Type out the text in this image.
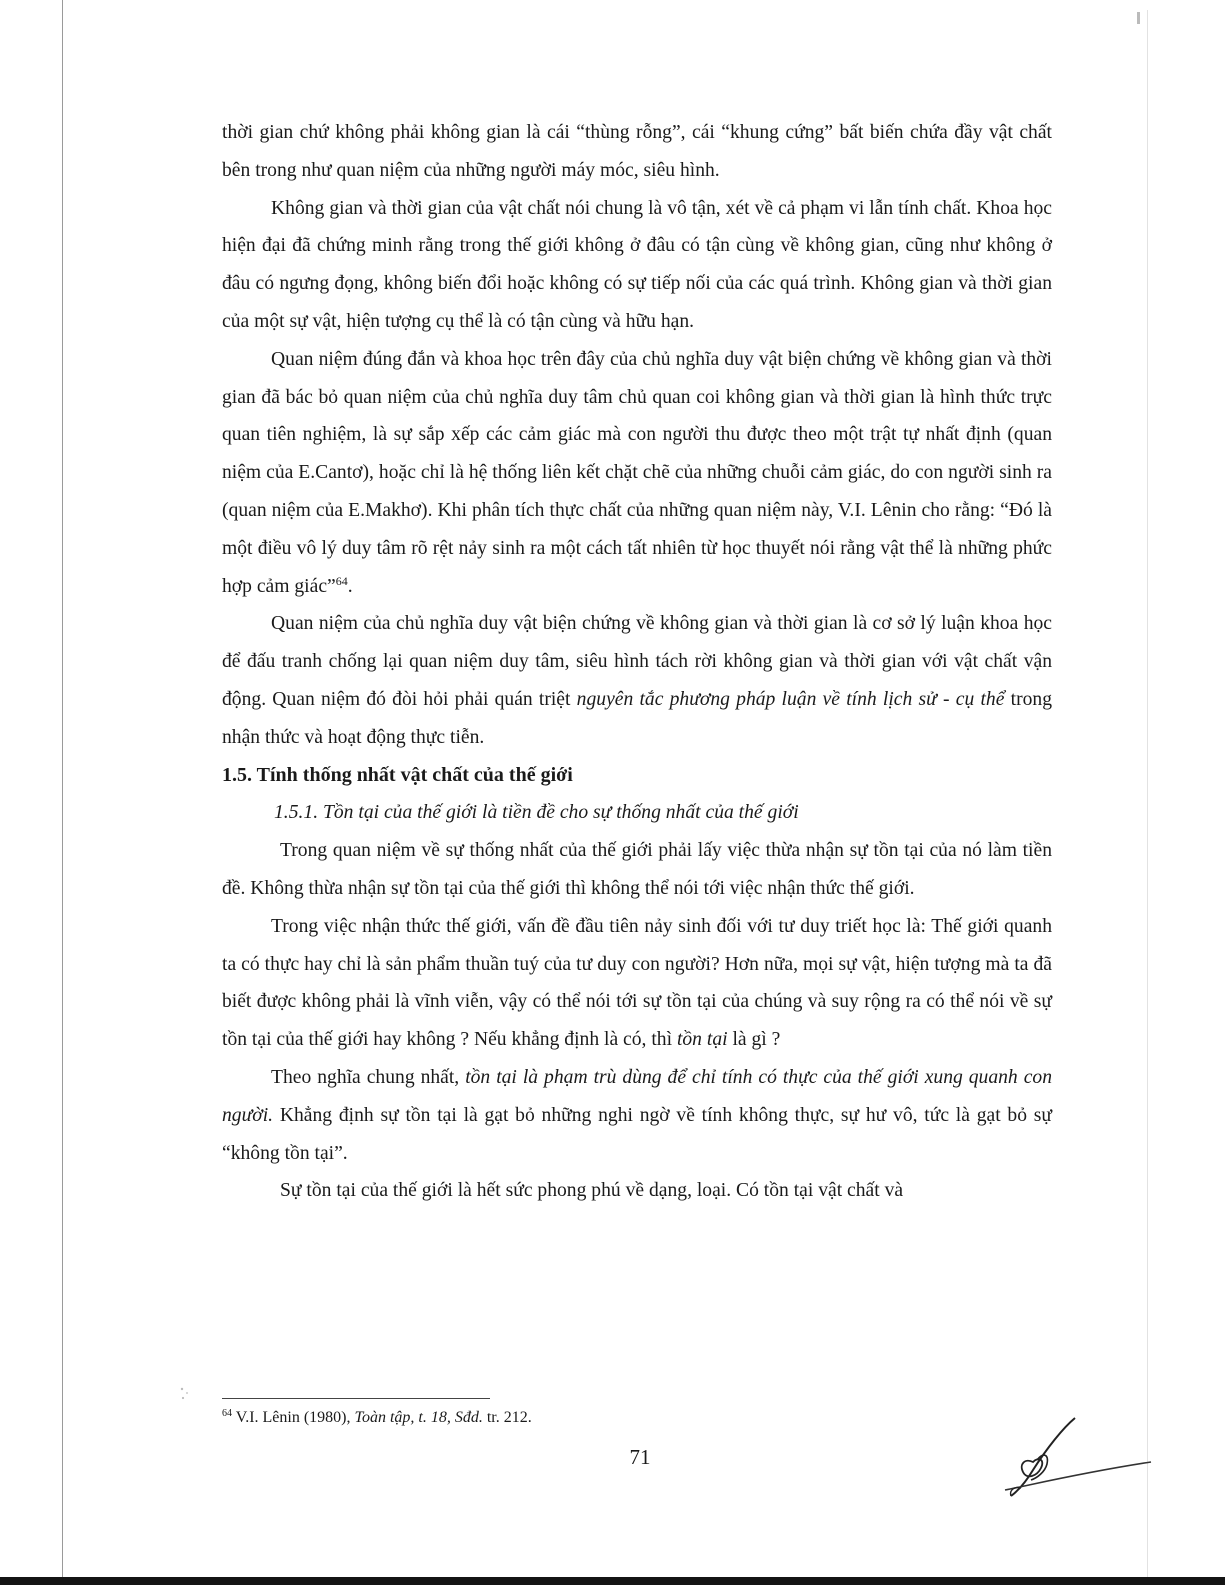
thời gian chứ không phải không gian là cái “thùng rỗng”, cái “khung cứng” bất biến chứa đầy vật chất bên trong như quan niệm của những người máy móc, siêu hình.

Không gian và thời gian của vật chất nói chung là vô tận, xét về cả phạm vi lẫn tính chất. Khoa học hiện đại đã chứng minh rằng trong thế giới không ở đâu có tận cùng về không gian, cũng như không ở đâu có ngưng đọng, không biến đổi hoặc không có sự tiếp nối của các quá trình. Không gian và thời gian của một sự vật, hiện tượng cụ thể là có tận cùng và hữu hạn.

Quan niệm đúng đắn và khoa học trên đây của chủ nghĩa duy vật biện chứng về không gian và thời gian đã bác bỏ quan niệm của chủ nghĩa duy tâm chủ quan coi không gian và thời gian là hình thức trực quan tiên nghiệm, là sự sắp xếp các cảm giác mà con người thu được theo một trật tự nhất định (quan niệm của E.Cantơ), hoặc chỉ là hệ thống liên kết chặt chẽ của những chuỗi cảm giác, do con người sinh ra (quan niệm của E.Makhơ). Khi phân tích thực chất của những quan niệm này, V.I. Lênin cho rằng: “Đó là một điều vô lý duy tâm rõ rệt nảy sinh ra một cách tất nhiên từ học thuyết nói rằng vật thể là những phức hợp cảm giác”$^{64}$.

Quan niệm của chủ nghĩa duy vật biện chứng về không gian và thời gian là cơ sở lý luận khoa học để đấu tranh chống lại quan niệm duy tâm, siêu hình tách rời không gian và thời gian với vật chất vận động. Quan niệm đó đòi hỏi phải quán triệt nguyên tắc phương pháp luận về tính lịch sử - cụ thể trong nhận thức và hoạt động thực tiễn.

1.5. Tính thống nhất vật chất của thế giới

1.5.1. Tồn tại của thế giới là tiền đề cho sự thống nhất của thế giới

Trong quan niệm về sự thống nhất của thế giới phải lấy việc thừa nhận sự tồn tại của nó làm tiền đề. Không thừa nhận sự tồn tại của thế giới thì không thể nói tới việc nhận thức thế giới.

Trong việc nhận thức thế giới, vấn đề đầu tiên nảy sinh đối với tư duy triết học là: Thế giới quanh ta có thực hay chỉ là sản phẩm thuần tuý của tư duy con người? Hơn nữa, mọi sự vật, hiện tượng mà ta đã biết được không phải là vĩnh viễn, vậy có thể nói tới sự tồn tại của chúng và suy rộng ra có thể nói về sự tồn tại của thế giới hay không ? Nếu khẳng định là có, thì tồn tại là gì ?

Theo nghĩa chung nhất, tồn tại là phạm trù dùng để chỉ tính có thực của thế giới xung quanh con người. Khẳng định sự tồn tại là gạt bỏ những nghi ngờ về tính không thực, sự hư vô, tức là gạt bỏ sự “không tồn tại”.

Sự tồn tại của thế giới là hết sức phong phú về dạng, loại. Có tồn tại vật chất và

$^{64}$ V.I. Lênin (1980), Toàn tập, t. 18, Sđd. tr. 212.
71
